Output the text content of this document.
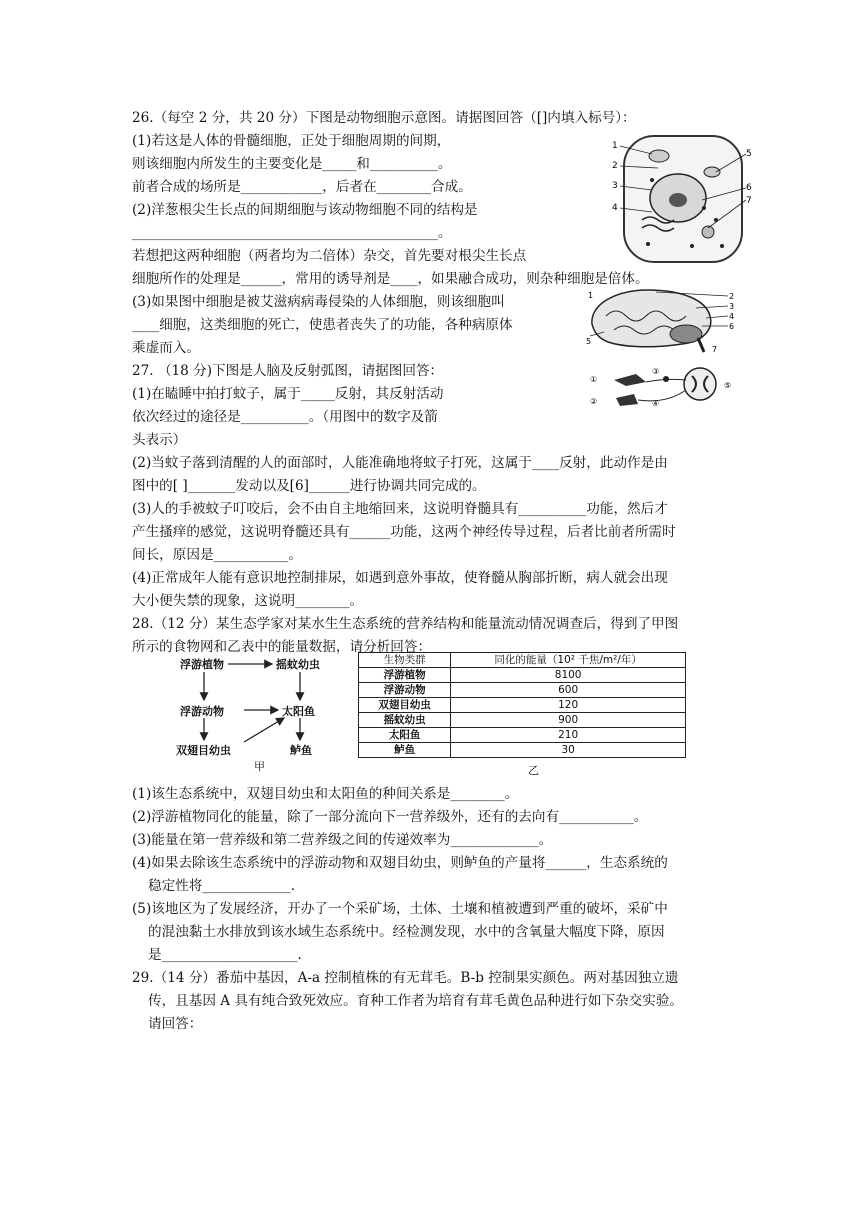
26.（每空 2 分，共 20 分）下图是动物细胞示意图。请据图回答（[]内填入标号）：
(1)若这是人体的骨髓细胞，正处于细胞周期的间期，
则该细胞内所发生的主要变化是_____和__________。
前者合成的场所是____________，后者在________合成。
(2)洋葱根尖生长点的间期细胞与该动物细胞不同的结构是
_____________________________________________。
若想把这两种细胞（两者均为二倍体）杂交，首先要对根尖生长点
细胞所作的处理是______，常用的诱导剂是____，如果融合成功，则杂种细胞是倍体。
(3)如果图中细胞是被艾滋病病毒侵染的人体细胞，则该细胞叫
____细胞，这类细胞的死亡，使患者丧失了的功能，各种病原体
乘虚而入。
1
2
3
4
5
6
7
2
3
4
5
1
7
6
①
②
③
④
⑤
27. （18 分)下图是人脑及反射弧图，请据图回答：
(1)在瞌睡中拍打蚊子，属于_____反射，其反射活动
依次经过的途径是__________。（用图中的数字及箭
头表示）
(2)当蚊子落到清醒的人的面部时，人能准确地将蚊子打死，这属于____反射，此动作是由
图中的[ ]_______发动以及[6]______进行协调共同完成的。
(3)人的手被蚊子叮咬后，会不由自主地缩回来，这说明脊髓具有__________功能，然后才
产生搔痒的感觉，这说明脊髓还具有______功能，这两个神经传导过程，后者比前者所需时
间长，原因是___________。
(4)正常成年人能有意识地控制排尿，如遇到意外事故，使脊髓从胸部折断，病人就会出现
大小便失禁的现象，这说明________。
28.（12 分）某生态学家对某水生生态系统的营养结构和能量流动情况调查后，得到了甲图
所示的食物网和乙表中的能量数据，请分析回答：
浮游植物	摇蚊幼虫
浮游动物	太阳鱼
双翅目幼虫	鲈鱼
甲
生物类群	同化的能量（10² 千焦/m²/年）
浮游植物	8100
浮游动物	600
双翅目幼虫	120
摇蚊幼虫	900
太阳鱼	210
鲈鱼	30
乙
(1)该生态系统中，双翅目幼虫和太阳鱼的种间关系是________。
(2)浮游植物同化的能量，除了一部分流向下一营养级外，还有的去向有___________。
(3)能量在第一营养级和第二营养级之间的传递效率为_____________。
(4)如果去除该生态系统中的浮游动物和双翅目幼虫，则鲈鱼的产量将______，生态系统的
稳定性将_____________.
(5)该地区为了发展经济，开办了一个采矿场，土体、土壤和植被遭到严重的破坏，采矿中
的混浊黏土水排放到该水域生态系统中。经检测发现，水中的含氧量大幅度下降，原因
是____________________.
29.（14 分）番茄中基因，A-a 控制植株的有无茸毛。B-b 控制果实颜色。两对基因独立遗
传，且基因 A 具有纯合致死效应。育种工作者为培育有茸毛黄色品种进行如下杂交实验。
请回答：
